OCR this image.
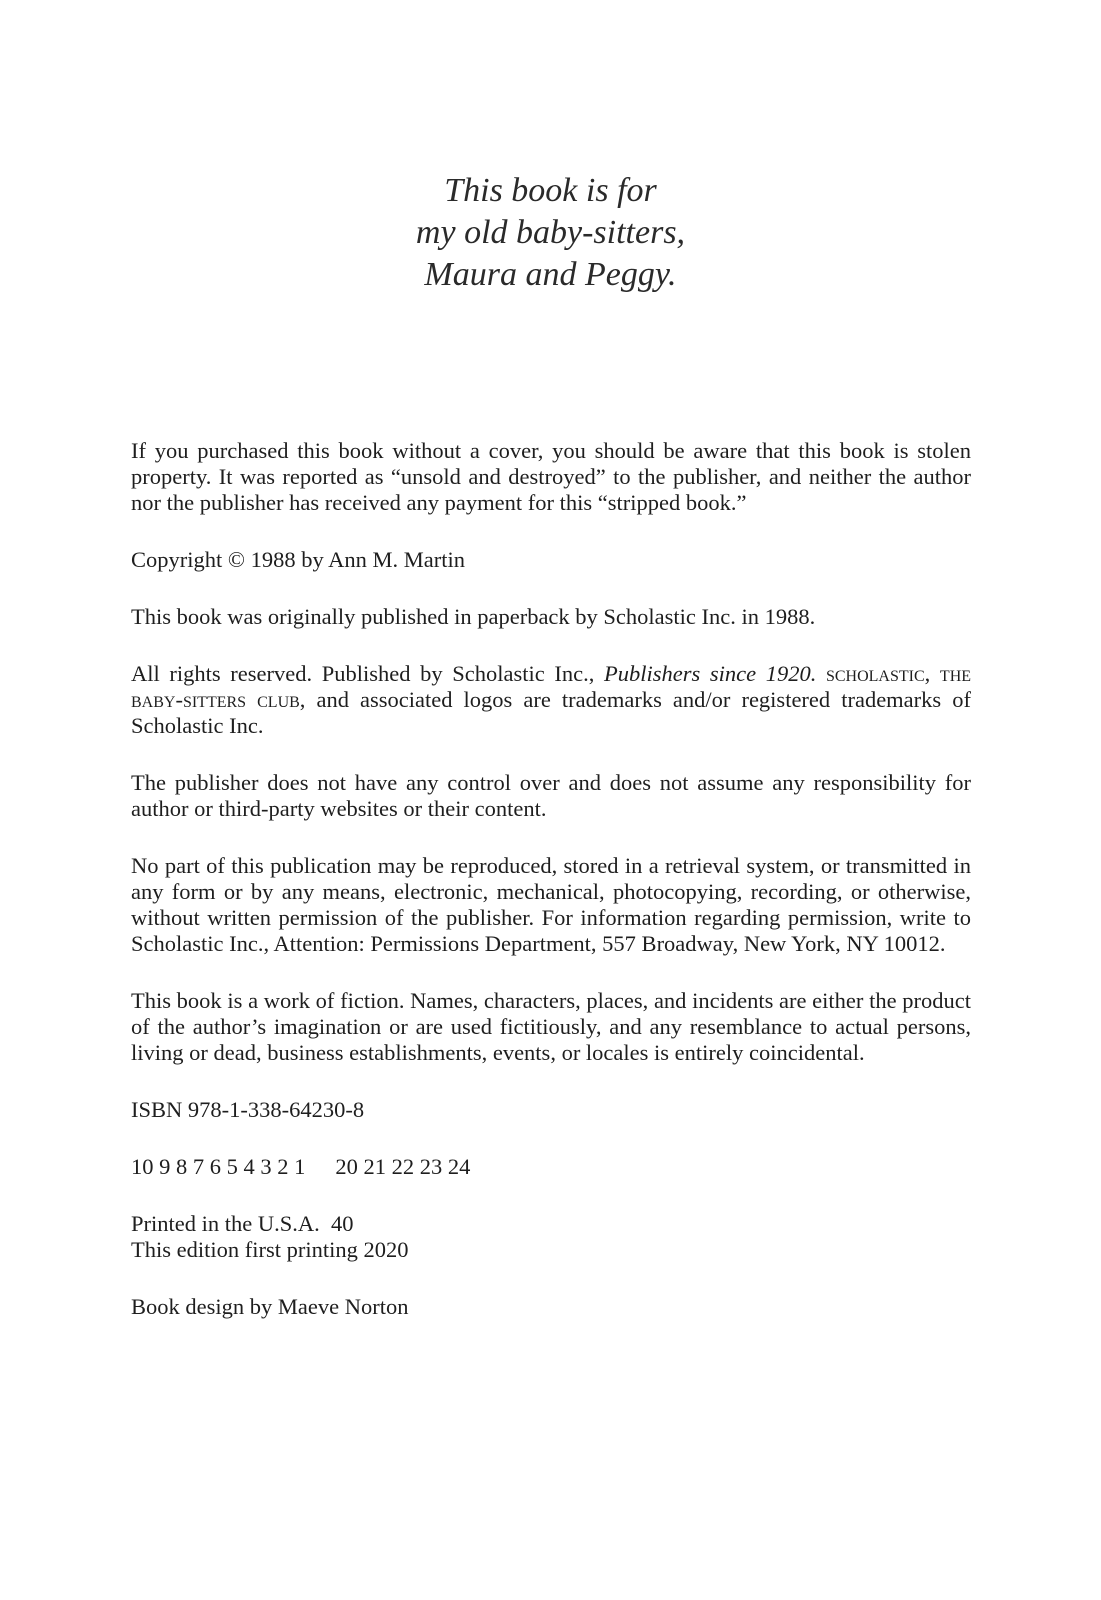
This book is for
my old baby-sitters,
Maura and Peggy.

If you purchased this book without a cover, you should be aware that this book is stolen property. It was reported as “unsold and destroyed” to the publisher, and neither the author nor the publisher has received any payment for this “stripped book.”

Copyright © 1988 by Ann M. Martin

This book was originally published in paperback by Scholastic Inc. in 1988.

All rights reserved. Published by Scholastic Inc., Publishers since 1920. scholastic, the baby-sitters club, and associated logos are trademarks and/or registered trademarks of Scholastic Inc.

The publisher does not have any control over and does not assume any responsibility for author or third-party websites or their content.

No part of this publication may be reproduced, stored in a retrieval system, or transmitted in any form or by any means, electronic, mechanical, photocopying, recording, or otherwise, without written permission of the publisher. For information regarding permission, write to Scholastic Inc., Attention: Permissions Department, 557 Broadway, New York, NY 10012.

This book is a work of fiction. Names, characters, places, and incidents are either the product of the author’s imagination or are used fictitiously, and any resemblance to actual persons, living or dead, business establishments, events, or locales is entirely coincidental.

ISBN 978-1-338-64230-8

10 9 8 7 6 5 4 3 2 1 20 21 22 23 24

Printed in the U.S.A.  40

This edition first printing 2020

Book design by Maeve Norton
